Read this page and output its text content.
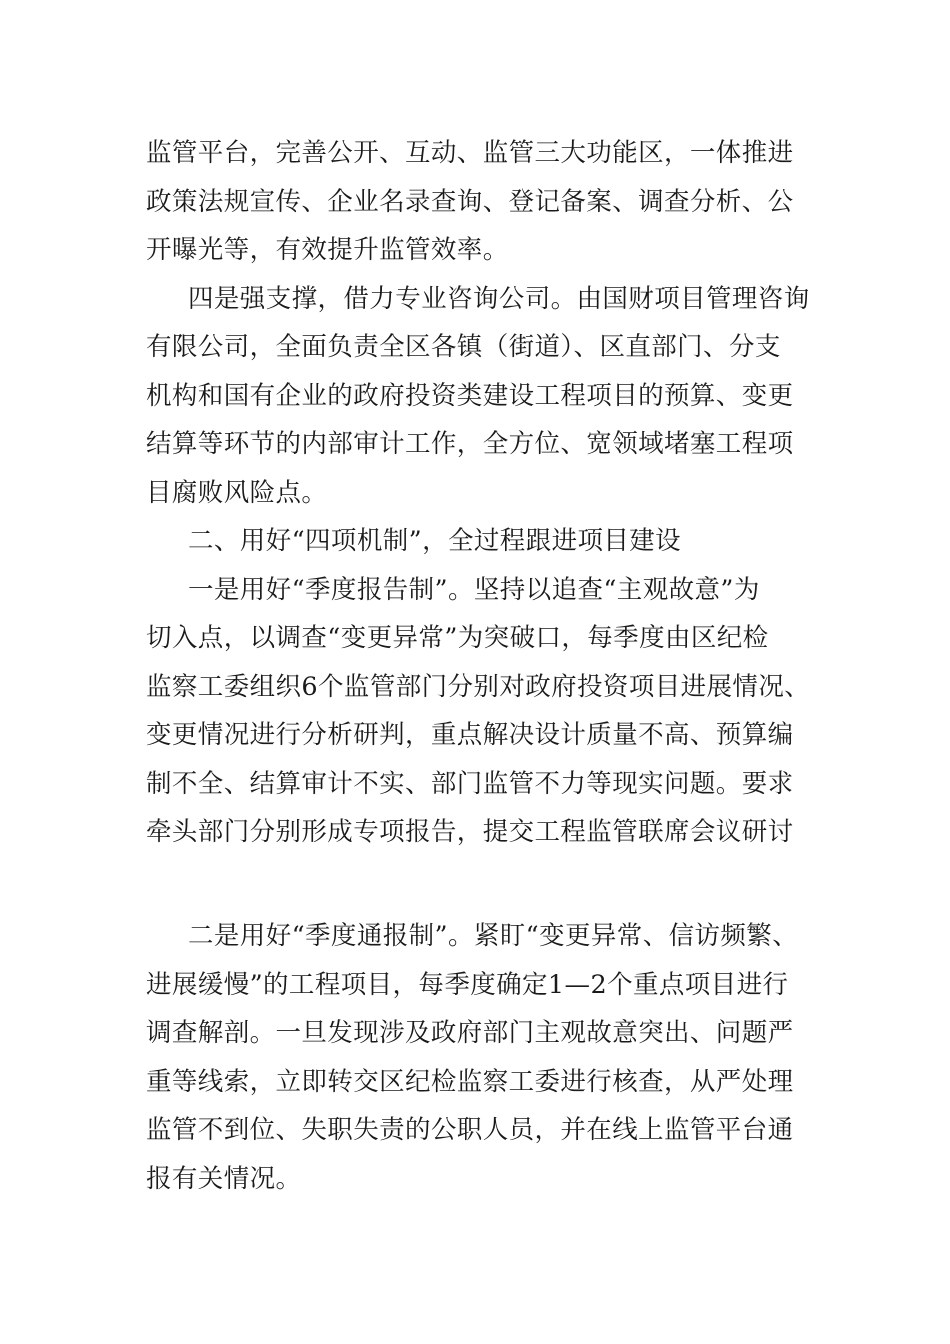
监管平台，完善公开、互动、监管三大功能区，一体推进
政策法规宣传、企业名录查询、登记备案、调查分析、公
开曝光等，有效提升监管效率。
四是强支撑，借力专业咨询公司。由国财项目管理咨询
有限公司，全面负责全区各镇（街道）、区直部门、分支
机构和国有企业的政府投资类建设工程项目的预算、变更
结算等环节的内部审计工作，全方位、宽领域堵塞工程项
目腐败风险点。
二、用好“四项机制”，全过程跟进项目建设
一是用好“季度报告制”。坚持以追查“主观故意”为
切入点，以调查“变更异常”为突破口，每季度由区纪检
监察工委组织6个监管部门分别对政府投资项目进展情况、
变更情况进行分析研判，重点解决设计质量不高、预算编
制不全、结算审计不实、部门监管不力等现实问题。要求
牵头部门分别形成专项报告，提交工程监管联席会议研讨
二是用好“季度通报制”。紧盯“变更异常、信访频繁、
进展缓慢”的工程项目，每季度确定1—2个重点项目进行
调查解剖。一旦发现涉及政府部门主观故意突出、问题严
重等线索，立即转交区纪检监察工委进行核查，从严处理
监管不到位、失职失责的公职人员，并在线上监管平台通
报有关情况。
